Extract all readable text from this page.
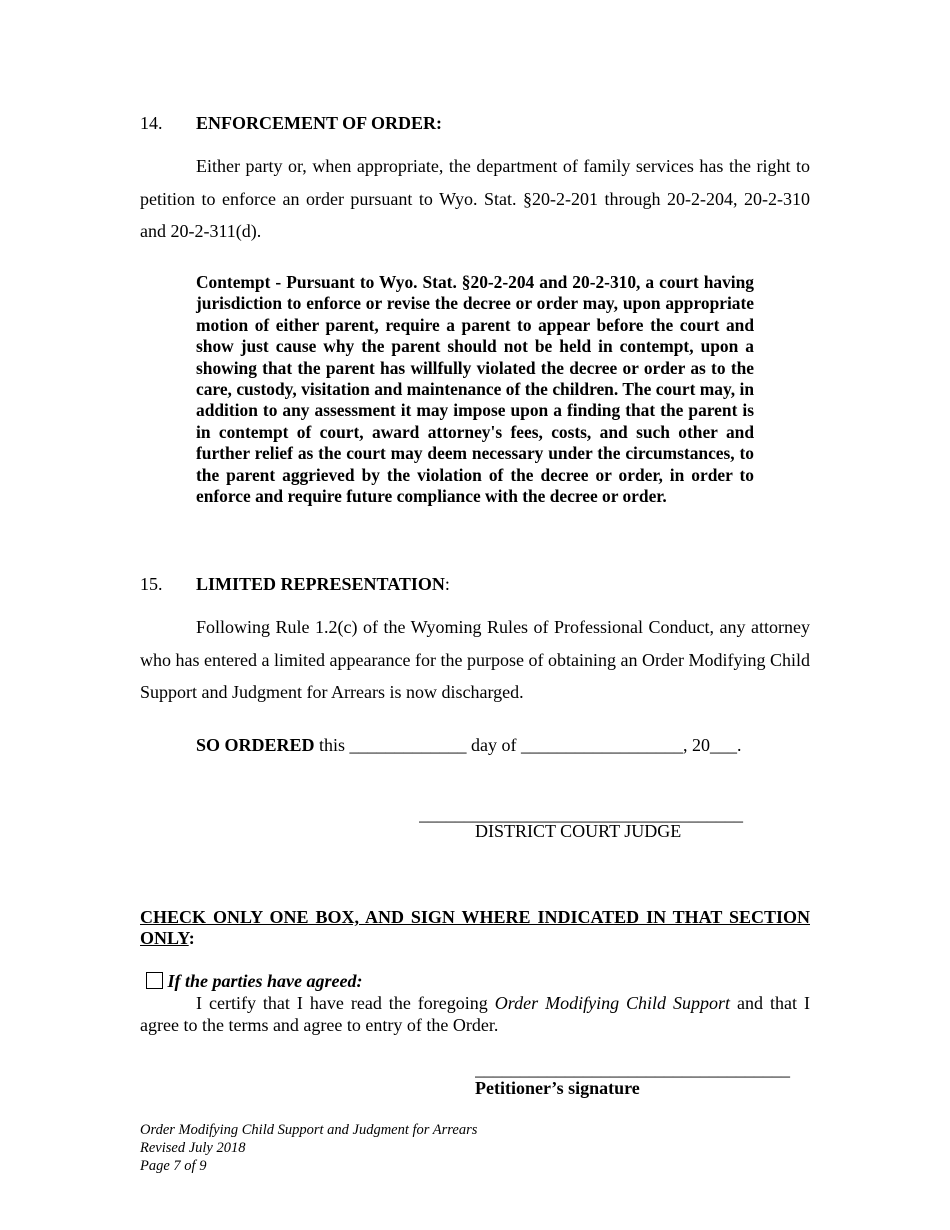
14. ENFORCEMENT OF ORDER:

Either party or, when appropriate, the department of family services has the right to petition to enforce an order pursuant to Wyo. Stat. §20-2-201 through 20-2-204, 20-2-310 and 20-2-311(d).

Contempt - Pursuant to Wyo. Stat. §20-2-204 and 20-2-310, a court having jurisdiction to enforce or revise the decree or order may, upon appropriate motion of either parent, require a parent to appear before the court and show just cause why the parent should not be held in contempt, upon a showing that the parent has willfully violated the decree or order as to the care, custody, visitation and maintenance of the children. The court may, in addition to any assessment it may impose upon a finding that the parent is in contempt of court, award attorney's fees, costs, and such other and further relief as the court may deem necessary under the circumstances, to the parent aggrieved by the violation of the decree or order, in order to enforce and require future compliance with the decree or order.

15. LIMITED REPRESENTATION:

Following Rule 1.2(c) of the Wyoming Rules of Professional Conduct, any attorney who has entered a limited appearance for the purpose of obtaining an Order Modifying Child Support and Judgment for Arrears is now discharged.

SO ORDERED this _____________ day of __________________, 20___.
____________________________________
DISTRICT COURT JUDGE
CHECK ONLY ONE BOX, AND SIGN WHERE INDICATED IN THAT SECTION ONLY:
If the parties have agreed:

I certify that I have read the foregoing Order Modifying Child Support and that I agree to the terms and agree to entry of the Order.

___________________________________
Petitioner’s signature
Order Modifying Child Support and Judgment for Arrears
Revised July 2018
Page 7 of 9
